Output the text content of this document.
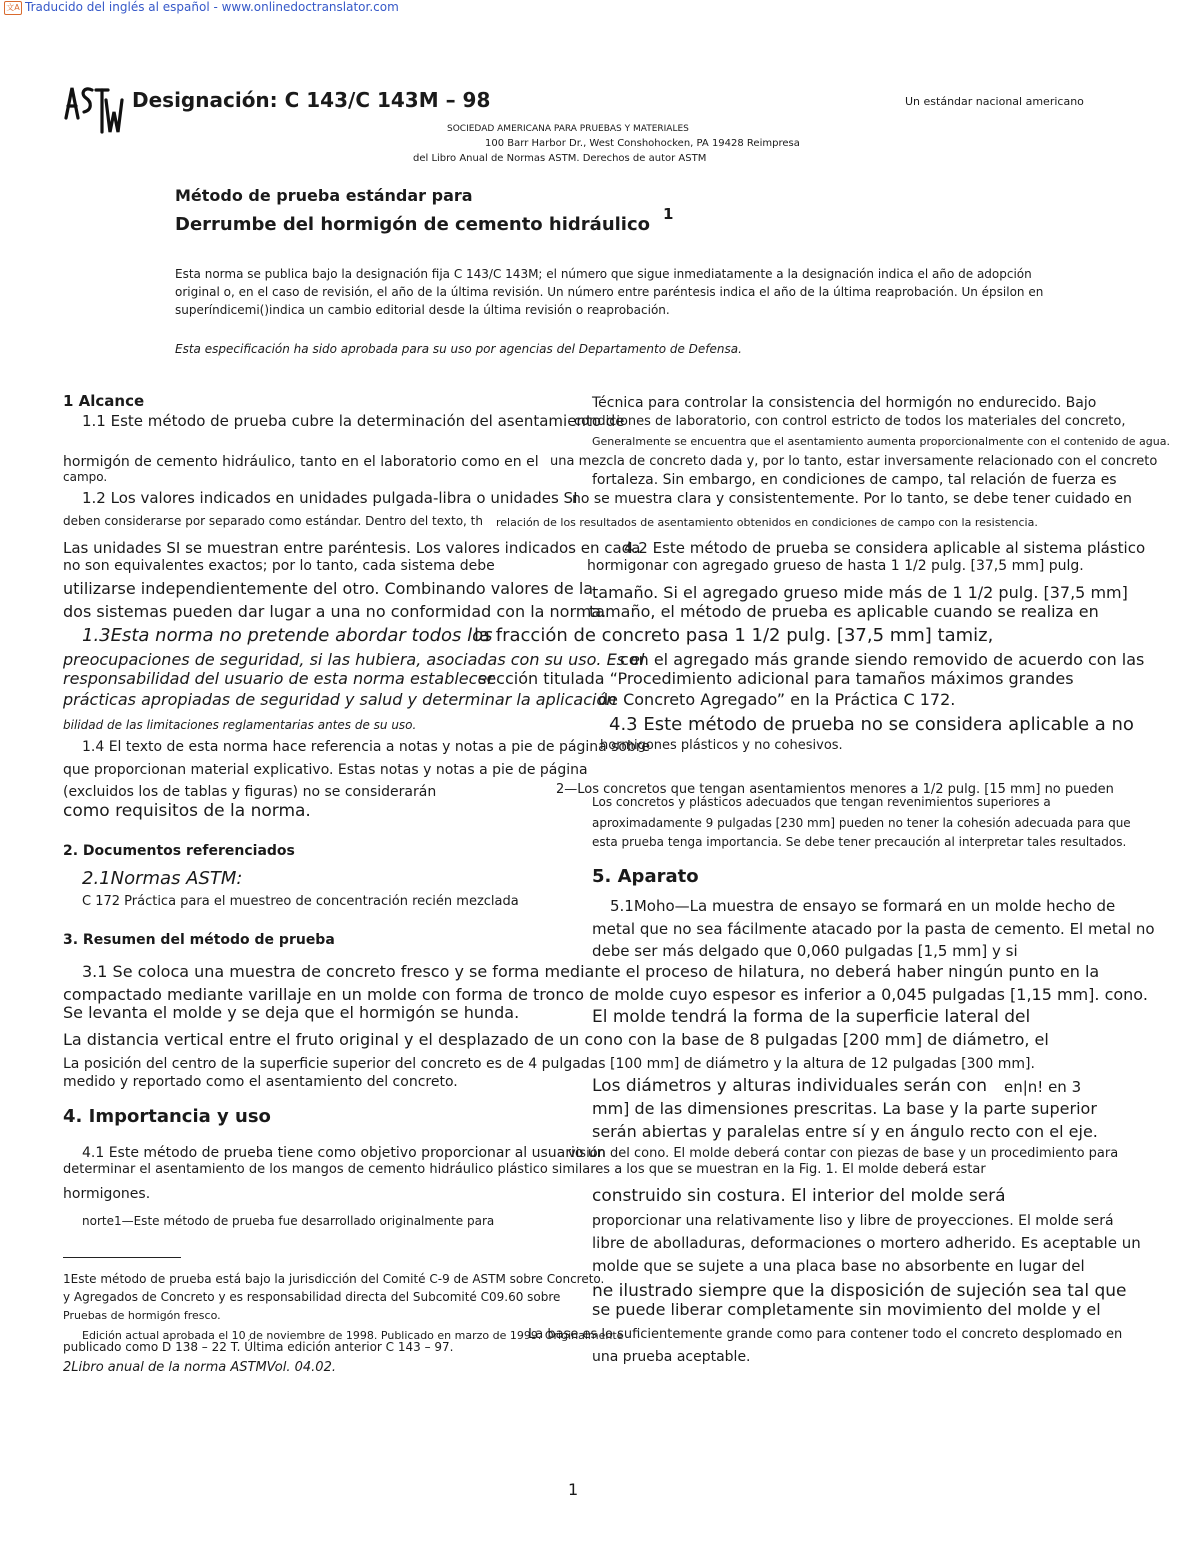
文A Traducido del inglés al español - www.onlinedoctranslator.com
Designación: C 143/C 143M – 98	Un estándar nacional americano
SOCIEDAD AMERICANA PARA PRUEBAS Y MATERIALES
100 Barr Harbor Dr., West Conshohocken, PA 19428 Reimpresa
del Libro Anual de Normas ASTM. Derechos de autor ASTM
Método de prueba estándar para
Derrumbe del hormigón de cemento hidráulico 1
Esta norma se publica bajo la designación fija C 143/C 143M; el número que sigue inmediatamente a la designación indica el año de adopción original o, en el caso de revisión, el año de la última revisión. Un número entre paréntesis indica el año de la última reaprobación. Un épsilon en superíndicemi()indica un cambio editorial desde la última revisión o reaprobación.
Esta especificación ha sido aprobada para su uso por agencias del Departamento de Defensa.
1 Alcance
1.1 Este método de prueba cubre la determinación del asentamiento de
hormigón de cemento hidráulico, tanto en el laboratorio como en el
campo.
1.2 Los valores indicados en unidades pulgada-libra o unidades SI
deben considerarse por separado como estándar. Dentro del texto, th
Las unidades SI se muestran entre paréntesis. Los valores indicados en cada
no son equivalentes exactos; por lo tanto, cada sistema debe
utilizarse independientemente del otro. Combinando valores de la
dos sistemas pueden dar lugar a una no conformidad con la norma.
1.3Esta norma no pretende abordar todos los
preocupaciones de seguridad, si las hubiera, asociadas con su uso. Es el
responsabilidad del usuario de esta norma establecer
prácticas apropiadas de seguridad y salud y determinar la aplicación
bilidad de las limitaciones reglamentarias antes de su uso.
1.4 El texto de esta norma hace referencia a notas y notas a pie de página sobre
que proporcionan material explicativo. Estas notas y notas a pie de página
(excluidos los de tablas y figuras) no se considerarán
como requisitos de la norma.
2. Documentos referenciados
2.1Normas ASTM:
C 172 Práctica para el muestreo de concentración recién mezclada
3. Resumen del método de prueba
3.1 Se coloca una muestra de concreto fresco y se forma mediante el proceso de hilatura, no deberá haber ningún punto en la
compactado mediante varillaje en un molde con forma de tronco de molde cuyo espesor es inferior a 0,045 pulgadas [1,15 mm]. cono.
Se levanta el molde y se deja que el hormigón se hunda.
La distancia vertical entre el fruto original y el desplazado de un cono con la base de 8 pulgadas [200 mm] de diámetro, el
La posición del centro de la superficie superior del concreto es de 4 pulgadas [100 mm] de diámetro y la altura de 12 pulgadas [300 mm].
medido y reportado como el asentamiento del concreto.
4. Importancia y uso
4.1 Este método de prueba tiene como objetivo proporcionar al usuario un
determinar el asentamiento de los mangos de cemento hidráulico plástico similares a los que se muestran en la Fig. 1. El molde deberá estar
hormigones.
norte1—Este método de prueba fue desarrollado originalmente para
Técnica para controlar la consistencia del hormigón no endurecido. Bajo
condiciones de laboratorio, con control estricto de todos los materiales del concreto,
Generalmente se encuentra que el asentamiento aumenta proporcionalmente con el contenido de agua.
una mezcla de concreto dada y, por lo tanto, estar inversamente relacionado con el concreto
fortaleza. Sin embargo, en condiciones de campo, tal relación de fuerza es
no se muestra clara y consistentemente. Por lo tanto, se debe tener cuidado en
relación de los resultados de asentamiento obtenidos en condiciones de campo con la resistencia.
4.2 Este método de prueba se considera aplicable al sistema plástico
hormigonar con agregado grueso de hasta 1 1/2 pulg. [37,5 mm] pulg.
tamaño. Si el agregado grueso mide más de 1 1/2 pulg. [37,5 mm]
tamaño, el método de prueba es aplicable cuando se realiza en
la fracción de concreto pasa 1 1/2 pulg. [37,5 mm] tamiz,
con el agregado más grande siendo removido de acuerdo con las
sección titulada “Procedimiento adicional para tamaños máximos grandes
de Concreto Agregado” en la Práctica C 172.
4.3 Este método de prueba no se considera aplicable a no
hormigones plásticos y no cohesivos.
2—Los concretos que tengan asentamientos menores a 1/2 pulg. [15 mm] no pueden
Los concretos y plásticos adecuados que tengan revenimientos superiores a
aproximadamente 9 pulgadas [230 mm] pueden no tener la cohesión adecuada para que
esta prueba tenga importancia. Se debe tener precaución al interpretar tales resultados.
5. Aparato
5.1Moho—La muestra de ensayo se formará en un molde hecho de
metal que no sea fácilmente atacado por la pasta de cemento. El metal no
debe ser más delgado que 0,060 pulgadas [1,5 mm] y si
El molde tendrá la forma de la superficie lateral del
Los diámetros y alturas individuales serán con en|n! en 3
mm] de las dimensiones prescritas. La base y la parte superior
serán abiertas y paralelas entre sí y en ángulo recto con el eje.
visión del cono. El molde deberá contar con piezas de base y un procedimiento para
construido sin costura. El interior del molde será
proporcionar una relativamente liso y libre de proyecciones. El molde será
libre de abolladuras, deformaciones o mortero adherido. Es aceptable un
molde que se sujete a una placa base no absorbente en lugar del
ne ilustrado siempre que la disposición de sujeción sea tal que
se puede liberar completamente sin movimiento del molde y el
La base es lo suficientemente grande como para contener todo el concreto desplomado en
una prueba aceptable.
1Este método de prueba está bajo la jurisdicción del Comité C-9 de ASTM sobre Concreto.
y Agregados de Concreto y es responsabilidad directa del Subcomité C09.60 sobre
Pruebas de hormigón fresco.
Edición actual aprobada el 10 de noviembre de 1998. Publicado en marzo de 1999. Originalmente
publicado como D 138 – 22 T. Última edición anterior C 143 – 97.
2Libro anual de la norma ASTMVol. 04.02.
1
